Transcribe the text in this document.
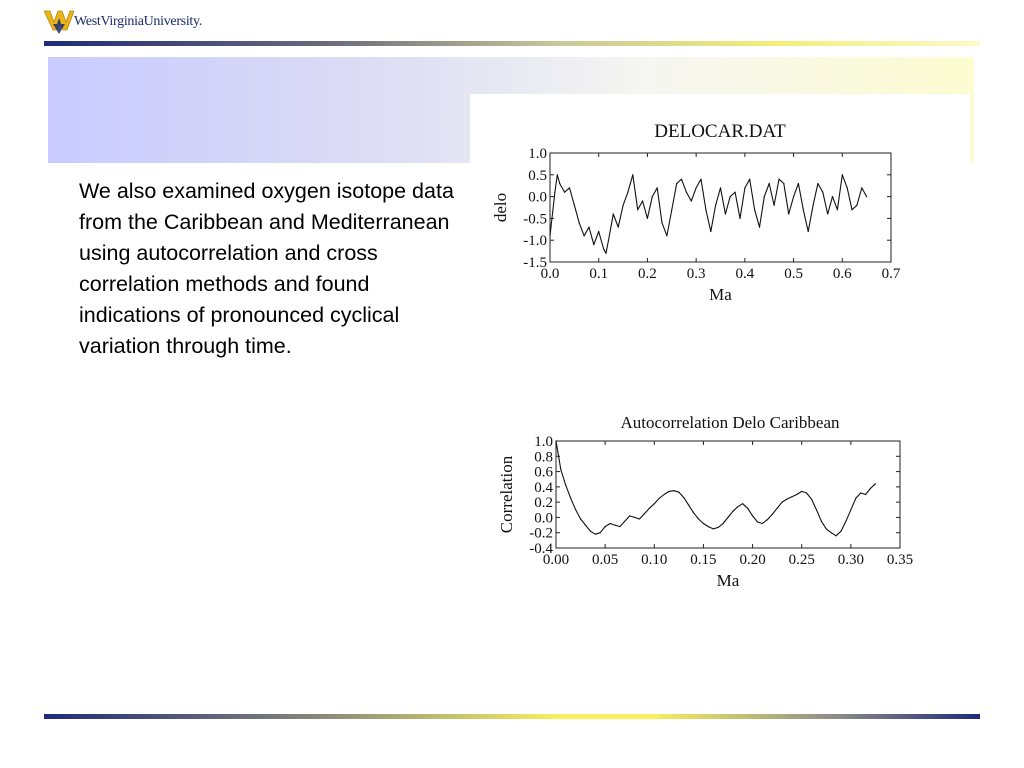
WestVirginiaUniversity.
We also examined oxygen isotope data from the Caribbean and Mediterranean using autocorrelation and cross correlation methods and found indications of pronounced cyclical variation through time.
DELOCAR.DAT
0.0 0.1 0.2 0.3 0.4 0.5 0.6 0.7
1.0
0.5
0.0
-0.5
-1.0
-1.5
Ma
delo
Autocorrelation Delo Caribbean
0.00 0.05 0.10 0.15 0.20 0.25 0.30 0.35
1.0
0.8
0.6
0.4
0.2
0.0
-0.2
-0.4
Ma
Correlation
